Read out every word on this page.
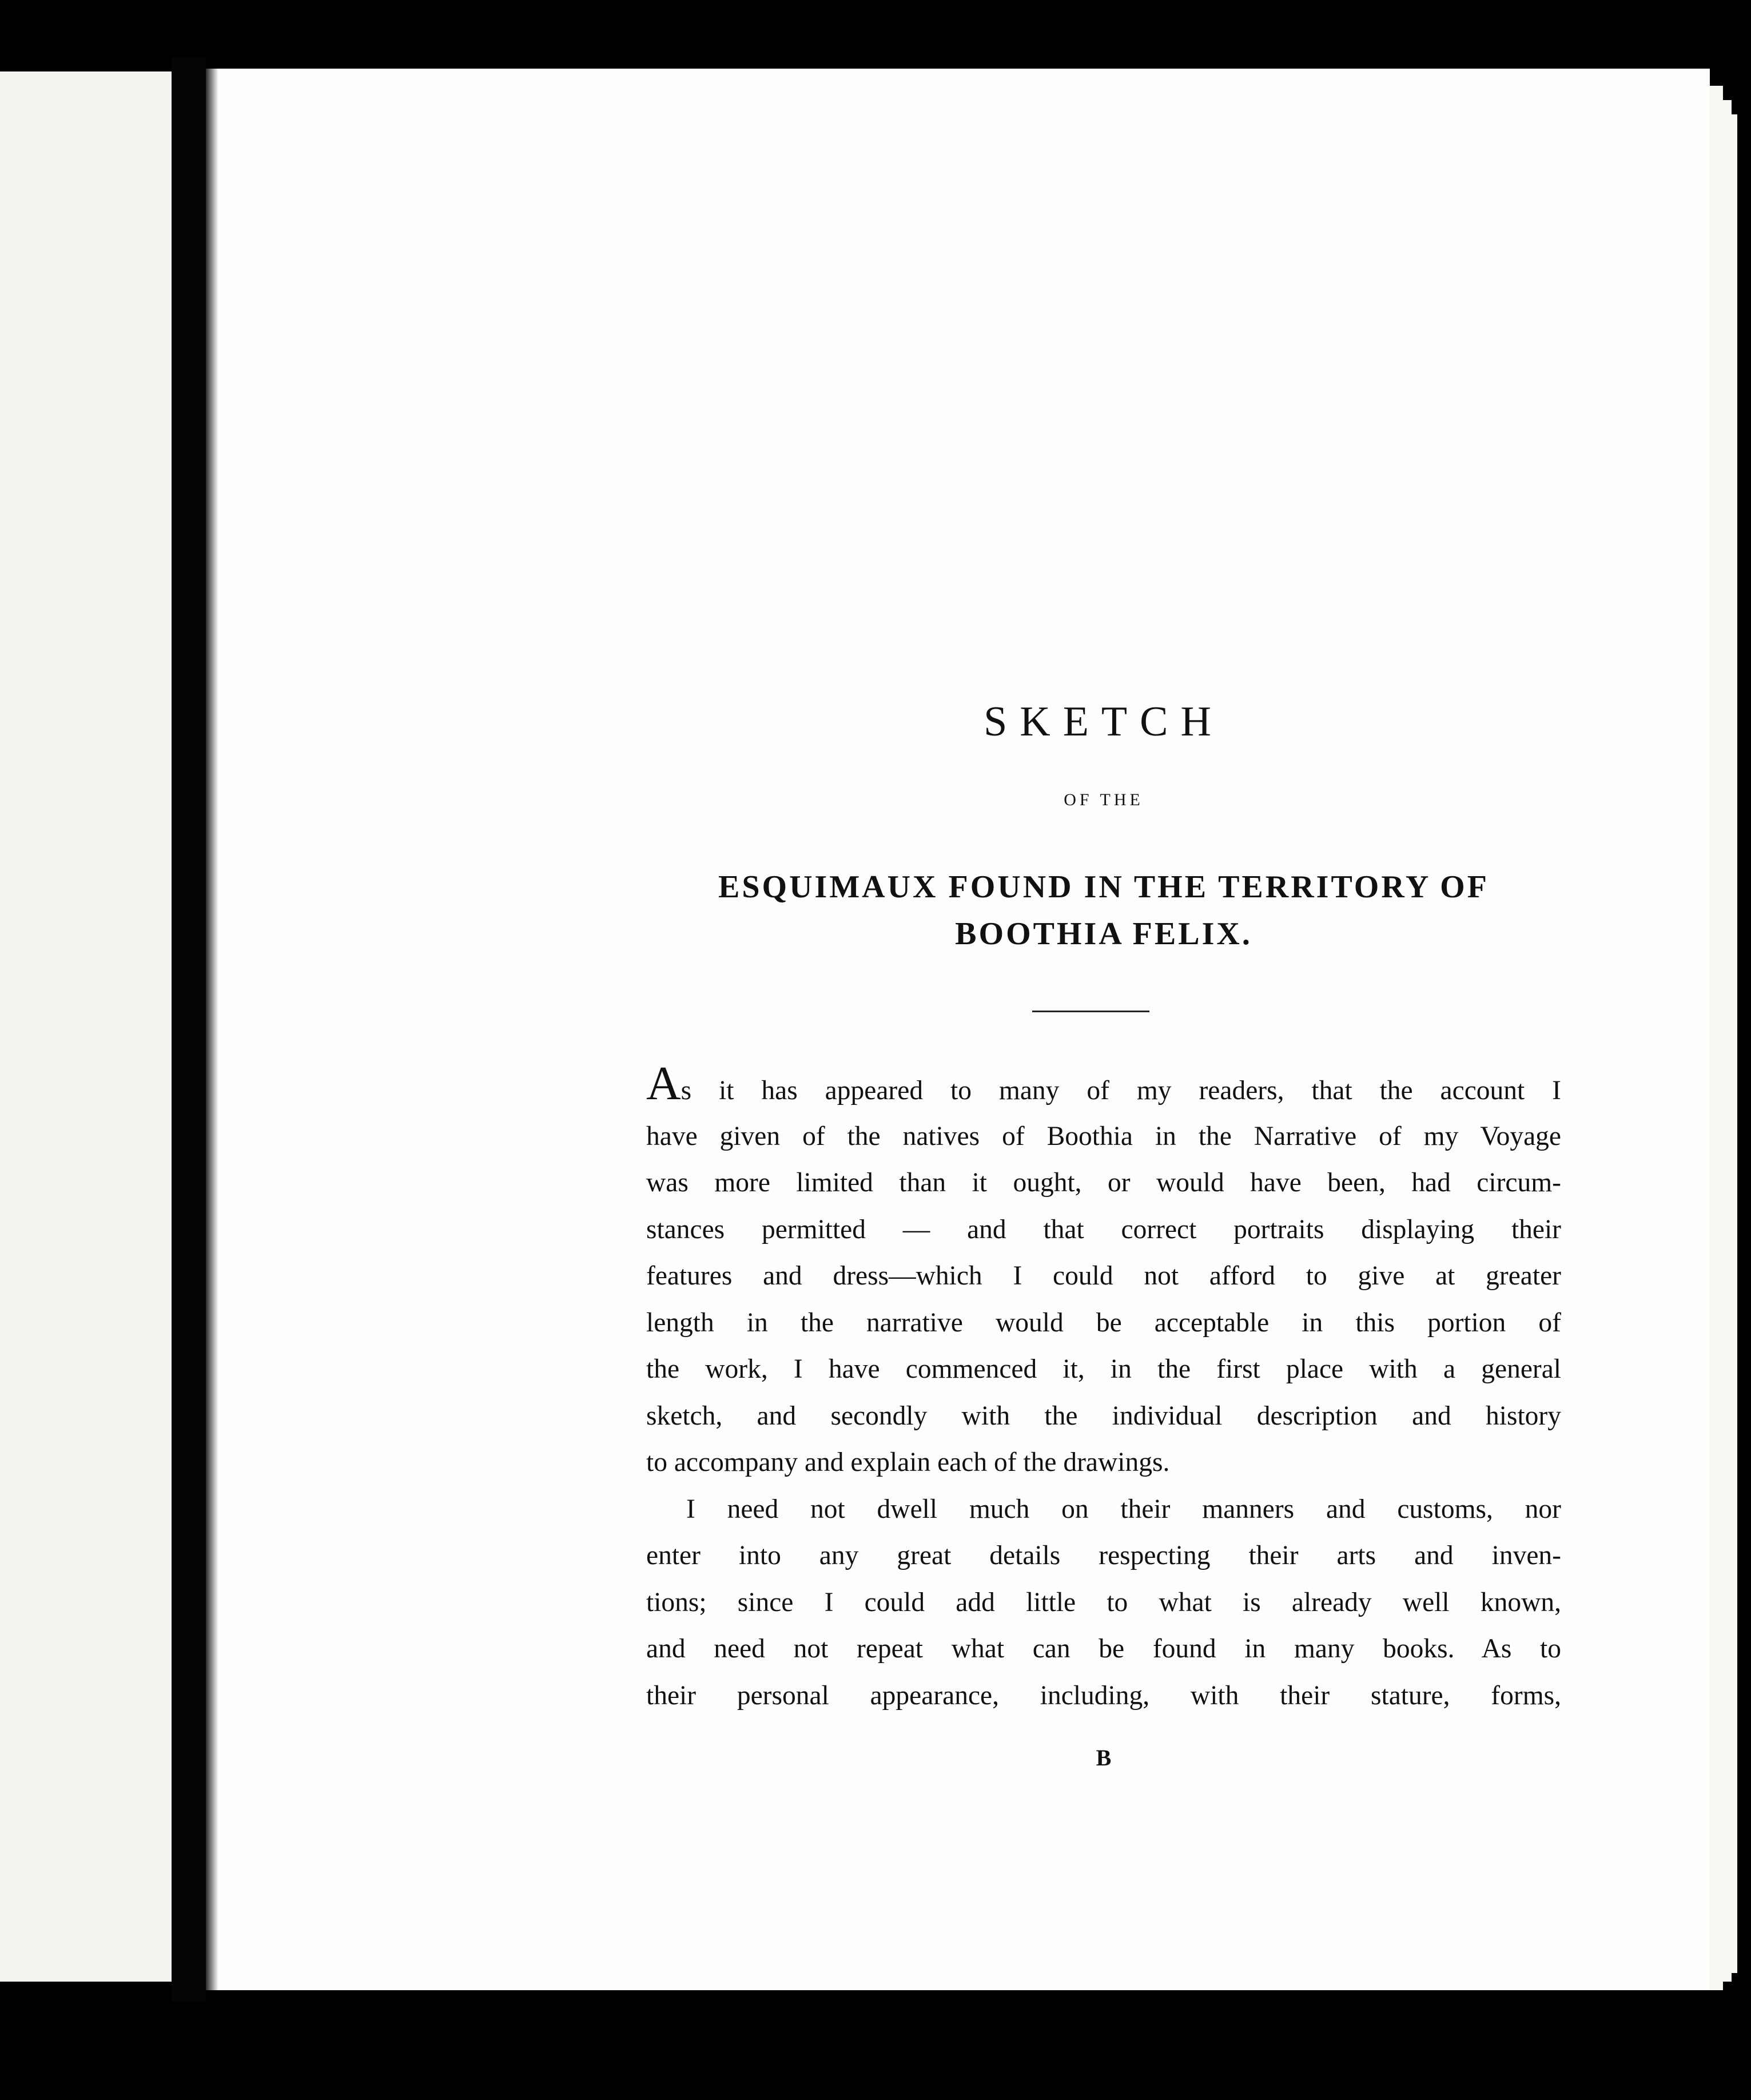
SKETCH
OF THE
ESQUIMAUX FOUND IN THE TERRITORY OF
BOOTHIA FELIX.
As it has appeared to many of my readers, that the account I
have given of the natives of Boothia in the Narrative of my Voyage
was more limited than it ought, or would have been, had circum-
stances permitted — and that correct portraits displaying their
features and dress—which I could not afford to give at greater
length in the narrative would be acceptable in this portion of
the work, I have commenced it, in the first place with a general
sketch, and secondly with the individual description and history
to accompany and explain each of the drawings.
I need not dwell much on their manners and customs, nor
enter into any great details respecting their arts and inven-
tions; since I could add little to what is already well known,
and need not repeat what can be found in many books. As to
their personal appearance, including, with their stature, forms,
B
